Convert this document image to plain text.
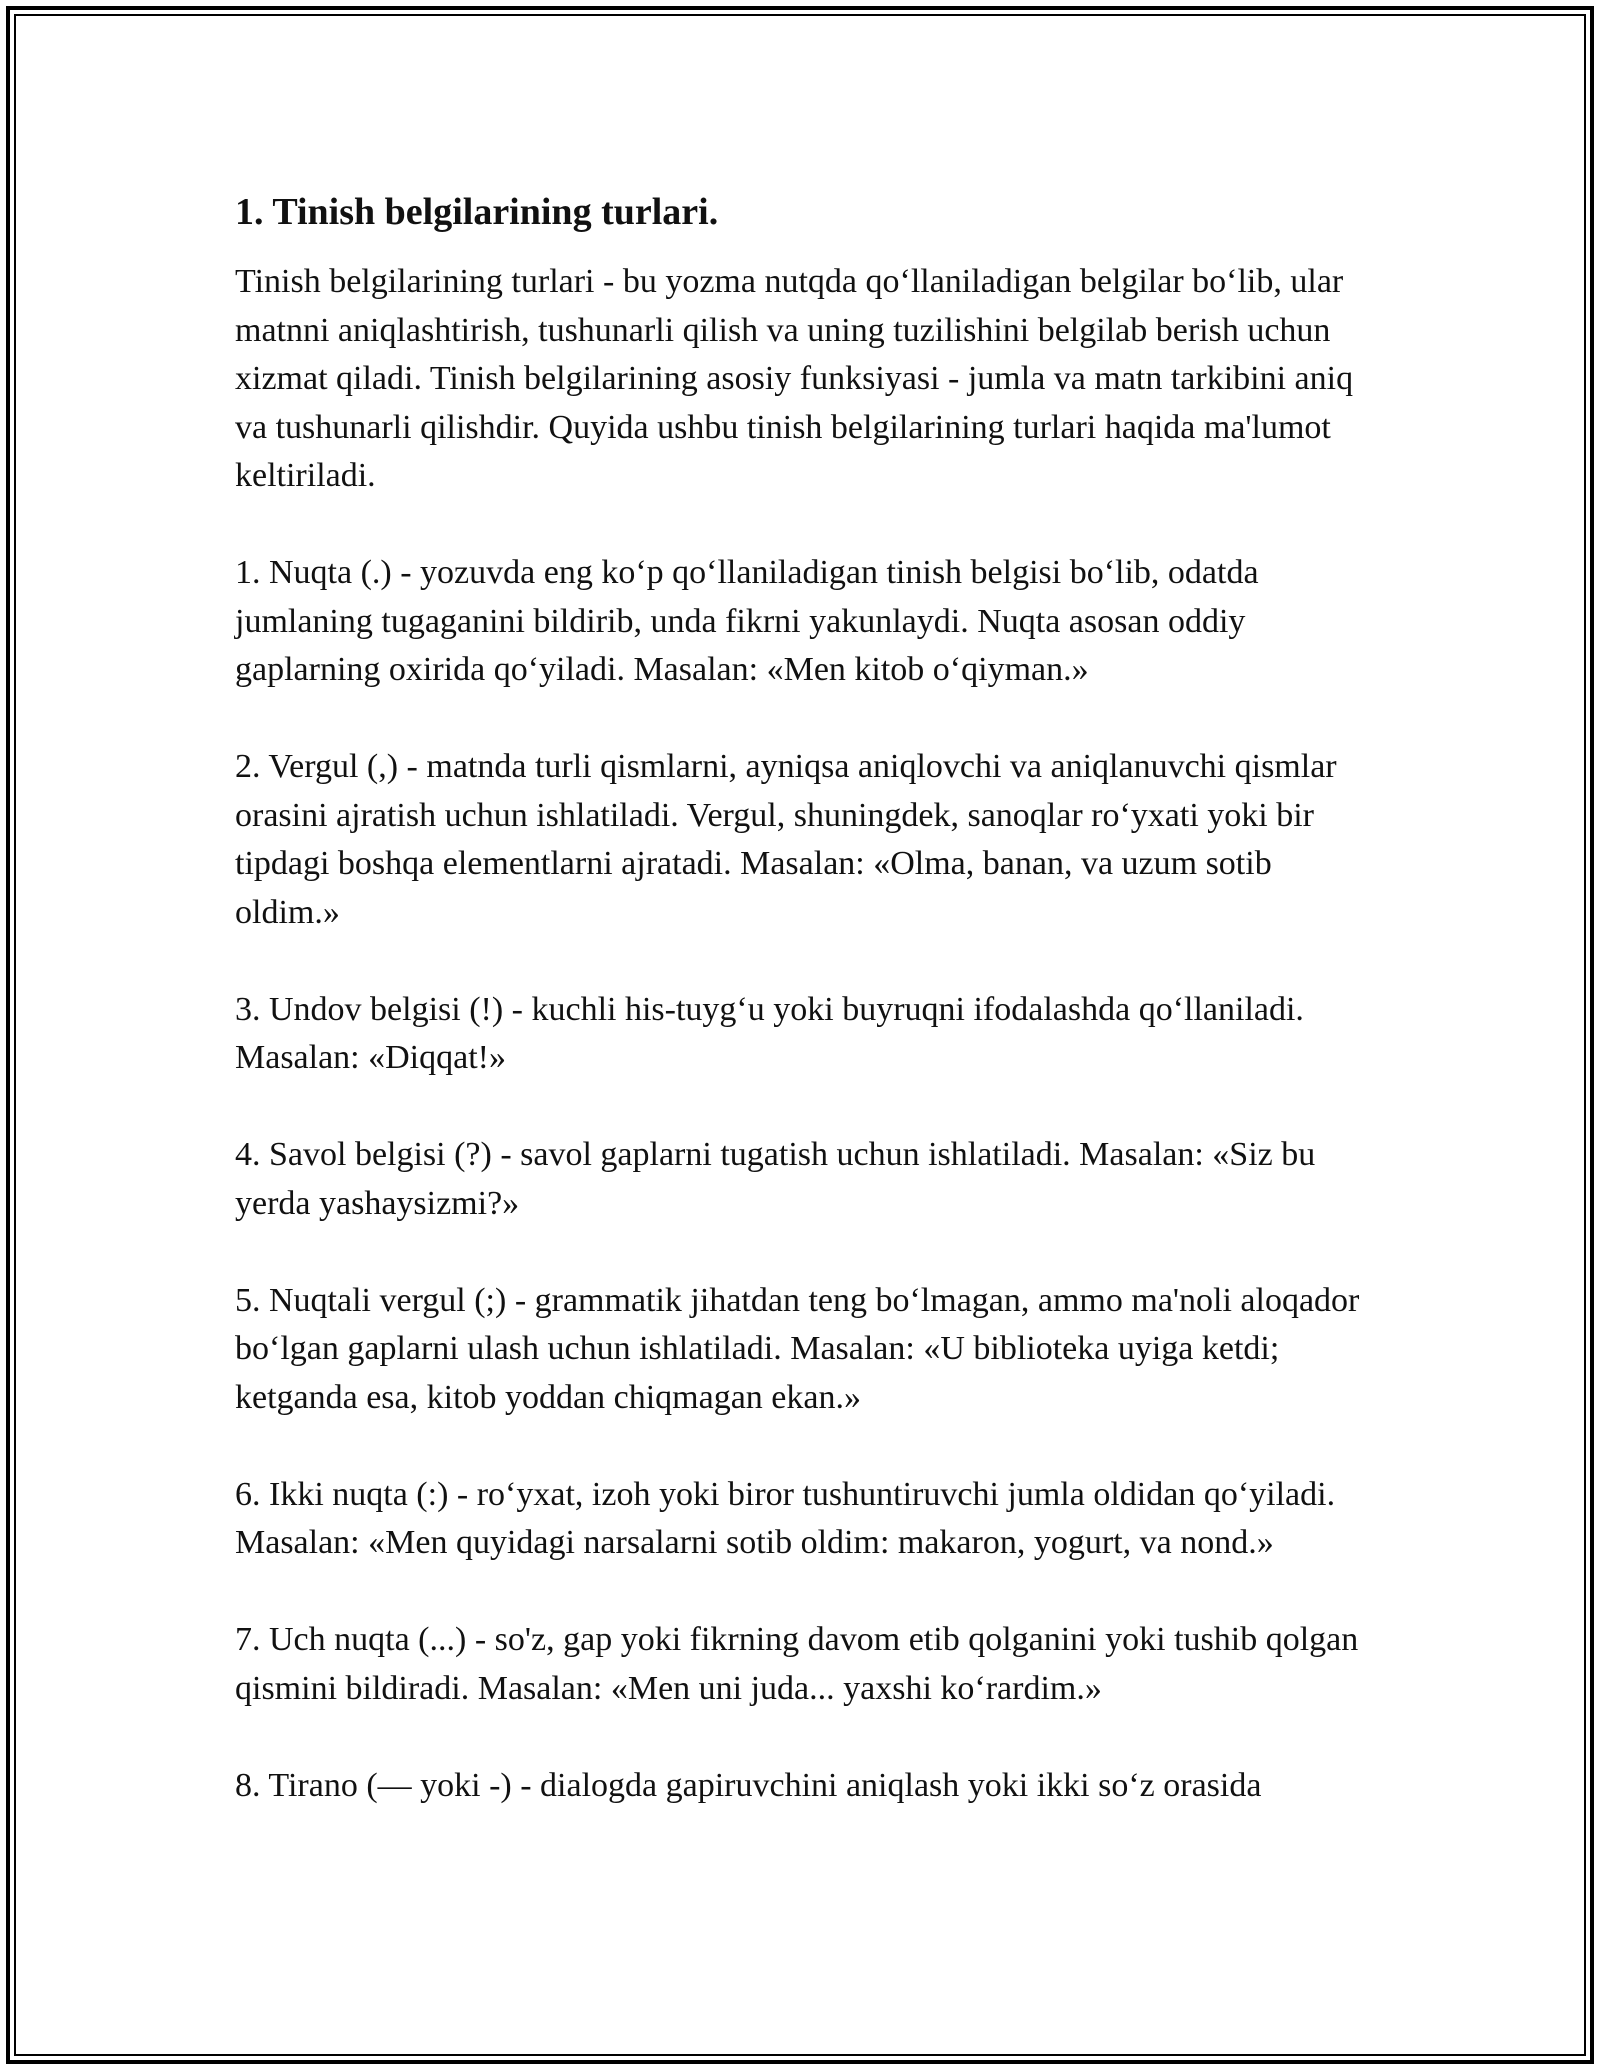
1. Tinish belgilarining turlari.

Tinish belgilarining turlari - bu yozma nutqda qoʻllaniladigan belgilar boʻlib, ular matnni aniqlashtirish, tushunarli qilish va uning tuzilishini belgilab berish uchun xizmat qiladi. Tinish belgilarining asosiy funksiyasi - jumla va matn tarkibini aniq va tushunarli qilishdir. Quyida ushbu tinish belgilarining turlari haqida ma'lumot keltiriladi.

1. Nuqta (.) - yozuvda eng koʻp qoʻllaniladigan tinish belgisi boʻlib, odatda jumlaning tugaganini bildirib, unda fikrni yakunlaydi. Nuqta asosan oddiy gaplarning oxirida qoʻyiladi. Masalan: «Men kitob oʻqiyman.»

2. Vergul (,) - matnda turli qismlarni, ayniqsa aniqlovchi va aniqlanuvchi qismlar orasini ajratish uchun ishlatiladi. Vergul, shuningdek, sanoqlar roʻyxati yoki bir tipdagi boshqa elementlarni ajratadi. Masalan: «Olma, banan, va uzum sotib oldim.»

3. Undov belgisi (!) - kuchli his-tuygʻu yoki buyruqni ifodalashda qoʻllaniladi. Masalan: «Diqqat!»

4. Savol belgisi (?) - savol gaplarni tugatish uchun ishlatiladi. Masalan: «Siz bu yerda yashaysizmi?»

5. Nuqtali vergul (;) - grammatik jihatdan teng boʻlmagan, ammo ma'noli aloqador boʻlgan gaplarni ulash uchun ishlatiladi. Masalan: «U biblioteka uyiga ketdi; ketganda esa, kitob yoddan chiqmagan ekan.»

6. Ikki nuqta (:) - roʻyxat, izoh yoki biror tushuntiruvchi jumla oldidan qoʻyiladi. Masalan: «Men quyidagi narsalarni sotib oldim: makaron, yogurt, va nond.»

7. Uch nuqta (...) - so'z, gap yoki fikrning davom etib qolganini yoki tushib qolgan qismini bildiradi. Masalan: «Men uni juda... yaxshi koʻrardim.»

8. Tirano (— yoki -) - dialogda gapiruvchini aniqlash yoki ikki soʻz orasida
